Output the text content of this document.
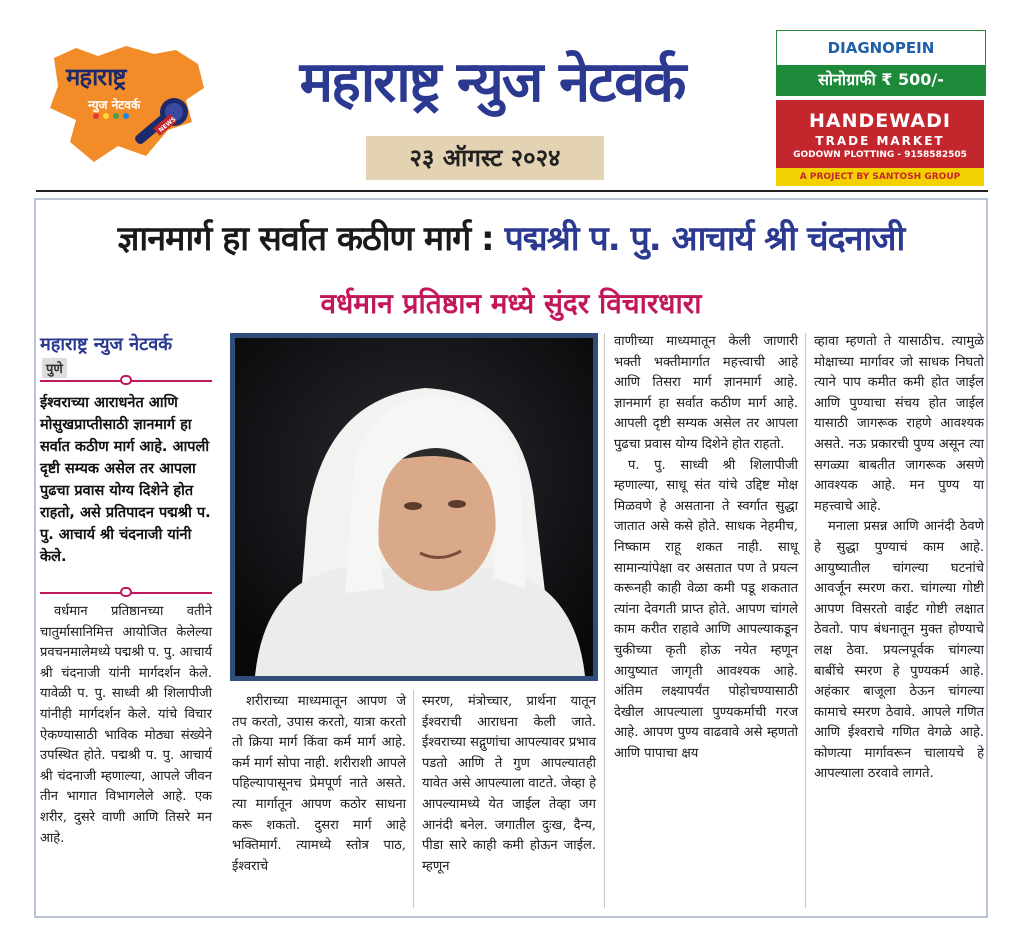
NEWS
महाराष्ट्र
न्युज नेटवर्क	महाराष्ट्र न्युज नेटवर्क
२३ ऑगस्ट २०२४
DIAGNOPEIN
सोनोग्राफी ₹ 500/-
HANDEWADI
TRADE MARKET
GODOWN PLOTTING - 9158582505
A PROJECT BY SANTOSH GROUP
ज्ञानमार्ग हा सर्वात कठीण मार्ग : पद्मश्री प. पु. आचार्य श्री चंदनाजी
वर्धमान प्रतिष्ठान मध्ये सुंदर विचारधारा
महाराष्ट्र न्युज नेटवर्क
पुणे
ईश्वराच्या आराधनेत आणि मोसुखप्राप्तीसाठी ज्ञानमार्ग हा सर्वात कठीण मार्ग आहे. आपली दृष्टी सम्यक असेल तर आपला पुढचा प्रवास योग्य दिशेने होत राहतो, असे प्रतिपादन पद्मश्री प. पु. आचार्य श्री चंदनाजी यांनी केले.

वर्धमान प्रतिष्ठानच्या वतीने चातुर्मासानिमित्त आयोजित केलेल्या प्रवचनमालेमध्ये पद्मश्री प. पु. आचार्य श्री चंदनाजी यांनी मार्गदर्शन केले. यावेळी प. पु. साध्वी श्री शिलापीजी यांनीही मार्गदर्शन केले. यांचे विचार ऐकण्यासाठी भाविक मोठ्या संख्येने उपस्थित होते. पद्मश्री प. पु. आचार्य श्री चंदनाजी म्हणाल्या, आपले जीवन तीन भागात विभागलेले आहे. एक शरीर, दुसरे वाणी आणि तिसरे मन आहे.

शरीराच्या माध्यमातून आपण जे तप करतो, उपास करतो, यात्रा करतो तो क्रिया मार्ग किंवा कर्म मार्ग आहे. कर्म मार्ग सोपा नाही. शरीराशी आपले पहिल्यापासूनच प्रेमपूर्ण नाते असते. त्या मार्गातून आपण कठोर साधना करू शकतो. दुसरा मार्ग आहे भक्तिमार्ग. त्यामध्ये स्तोत्र पाठ, ईश्वराचे

स्मरण, मंत्रोच्चार, प्रार्थना यातून ईश्वराची आराधना केली जाते. ईश्वराच्या सद्गुणांचा आपल्यावर प्रभाव पडतो आणि ते गुण आपल्यातही यावेत असे आपल्याला वाटते. जेव्हा हे आपल्यामध्ये येत जाईल तेव्हा जग आनंदी बनेल. जगातील दुःख, दैन्य, पीडा सारे काही कमी होऊन जाईल. म्हणून

वाणीच्या माध्यमातून केली जाणारी भक्ती भक्तीमार्गात महत्त्वाची आहे आणि तिसरा मार्ग ज्ञानमार्ग आहे. ज्ञानमार्ग हा सर्वात कठीण मार्ग आहे. आपली दृष्टी सम्यक असेल तर आपला पुढचा प्रवास योग्य दिशेने होत राहतो.

प. पु. साध्वी श्री शिलापीजी म्हणाल्या, साधू संत यांचे उद्दिष्ट मोक्ष मिळवणे हे असताना ते स्वर्गात सुद्धा जातात असे कसे होते. साधक नेहमीच, निष्काम राहू शकत नाही. साधू सामान्यांपेक्षा वर असतात पण ते प्रयत्न करूनही काही वेळा कमी पडू शकतात त्यांना देवगती प्राप्त होते. आपण चांगले काम करीत राहावे आणि आपल्याकडून चुकीच्या कृती होऊ नयेत म्हणून आयुष्यात जागृती आवश्यक आहे. अंतिम लक्ष्यापर्यंत पोहोचण्यासाठी देखील आपल्याला पुण्यकर्माची गरज आहे. आपण पुण्य वाढवावे असे म्हणतो आणि पापाचा क्षय

व्हावा म्हणतो ते यासाठीच. त्यामुळे मोक्षाच्या मार्गावर जो साधक निघतो त्याने पाप कमीत कमी होत जाईल आणि पुण्याचा संचय होत जाईल यासाठी जागरूक राहणे आवश्यक असते. नऊ प्रकारची पुण्य असून त्या सगळ्या बाबतीत जागरूक असणे आवश्यक आहे. मन पुण्य या महत्त्वाचे आहे.

मनाला प्रसन्न आणि आनंदी ठेवणे हे सुद्धा पुण्याचं काम आहे. आयुष्यातील चांगल्या घटनांचे आवर्जून स्मरण करा. चांगल्या गोष्टी आपण विसरतो वाईट गोष्टी लक्षात ठेवतो. पाप बंधनातून मुक्त होण्याचे लक्ष ठेवा. प्रयत्नपूर्वक चांगल्या बाबींचे स्मरण हे पुण्यकर्म आहे. अहंकार बाजूला ठेऊन चांगल्या कामाचे स्मरण ठेवावे. आपले गणित आणि ईश्वराचे गणित वेगळे आहे. कोणत्या मार्गावरून चालायचे हे आपल्याला ठरवावे लागते.
